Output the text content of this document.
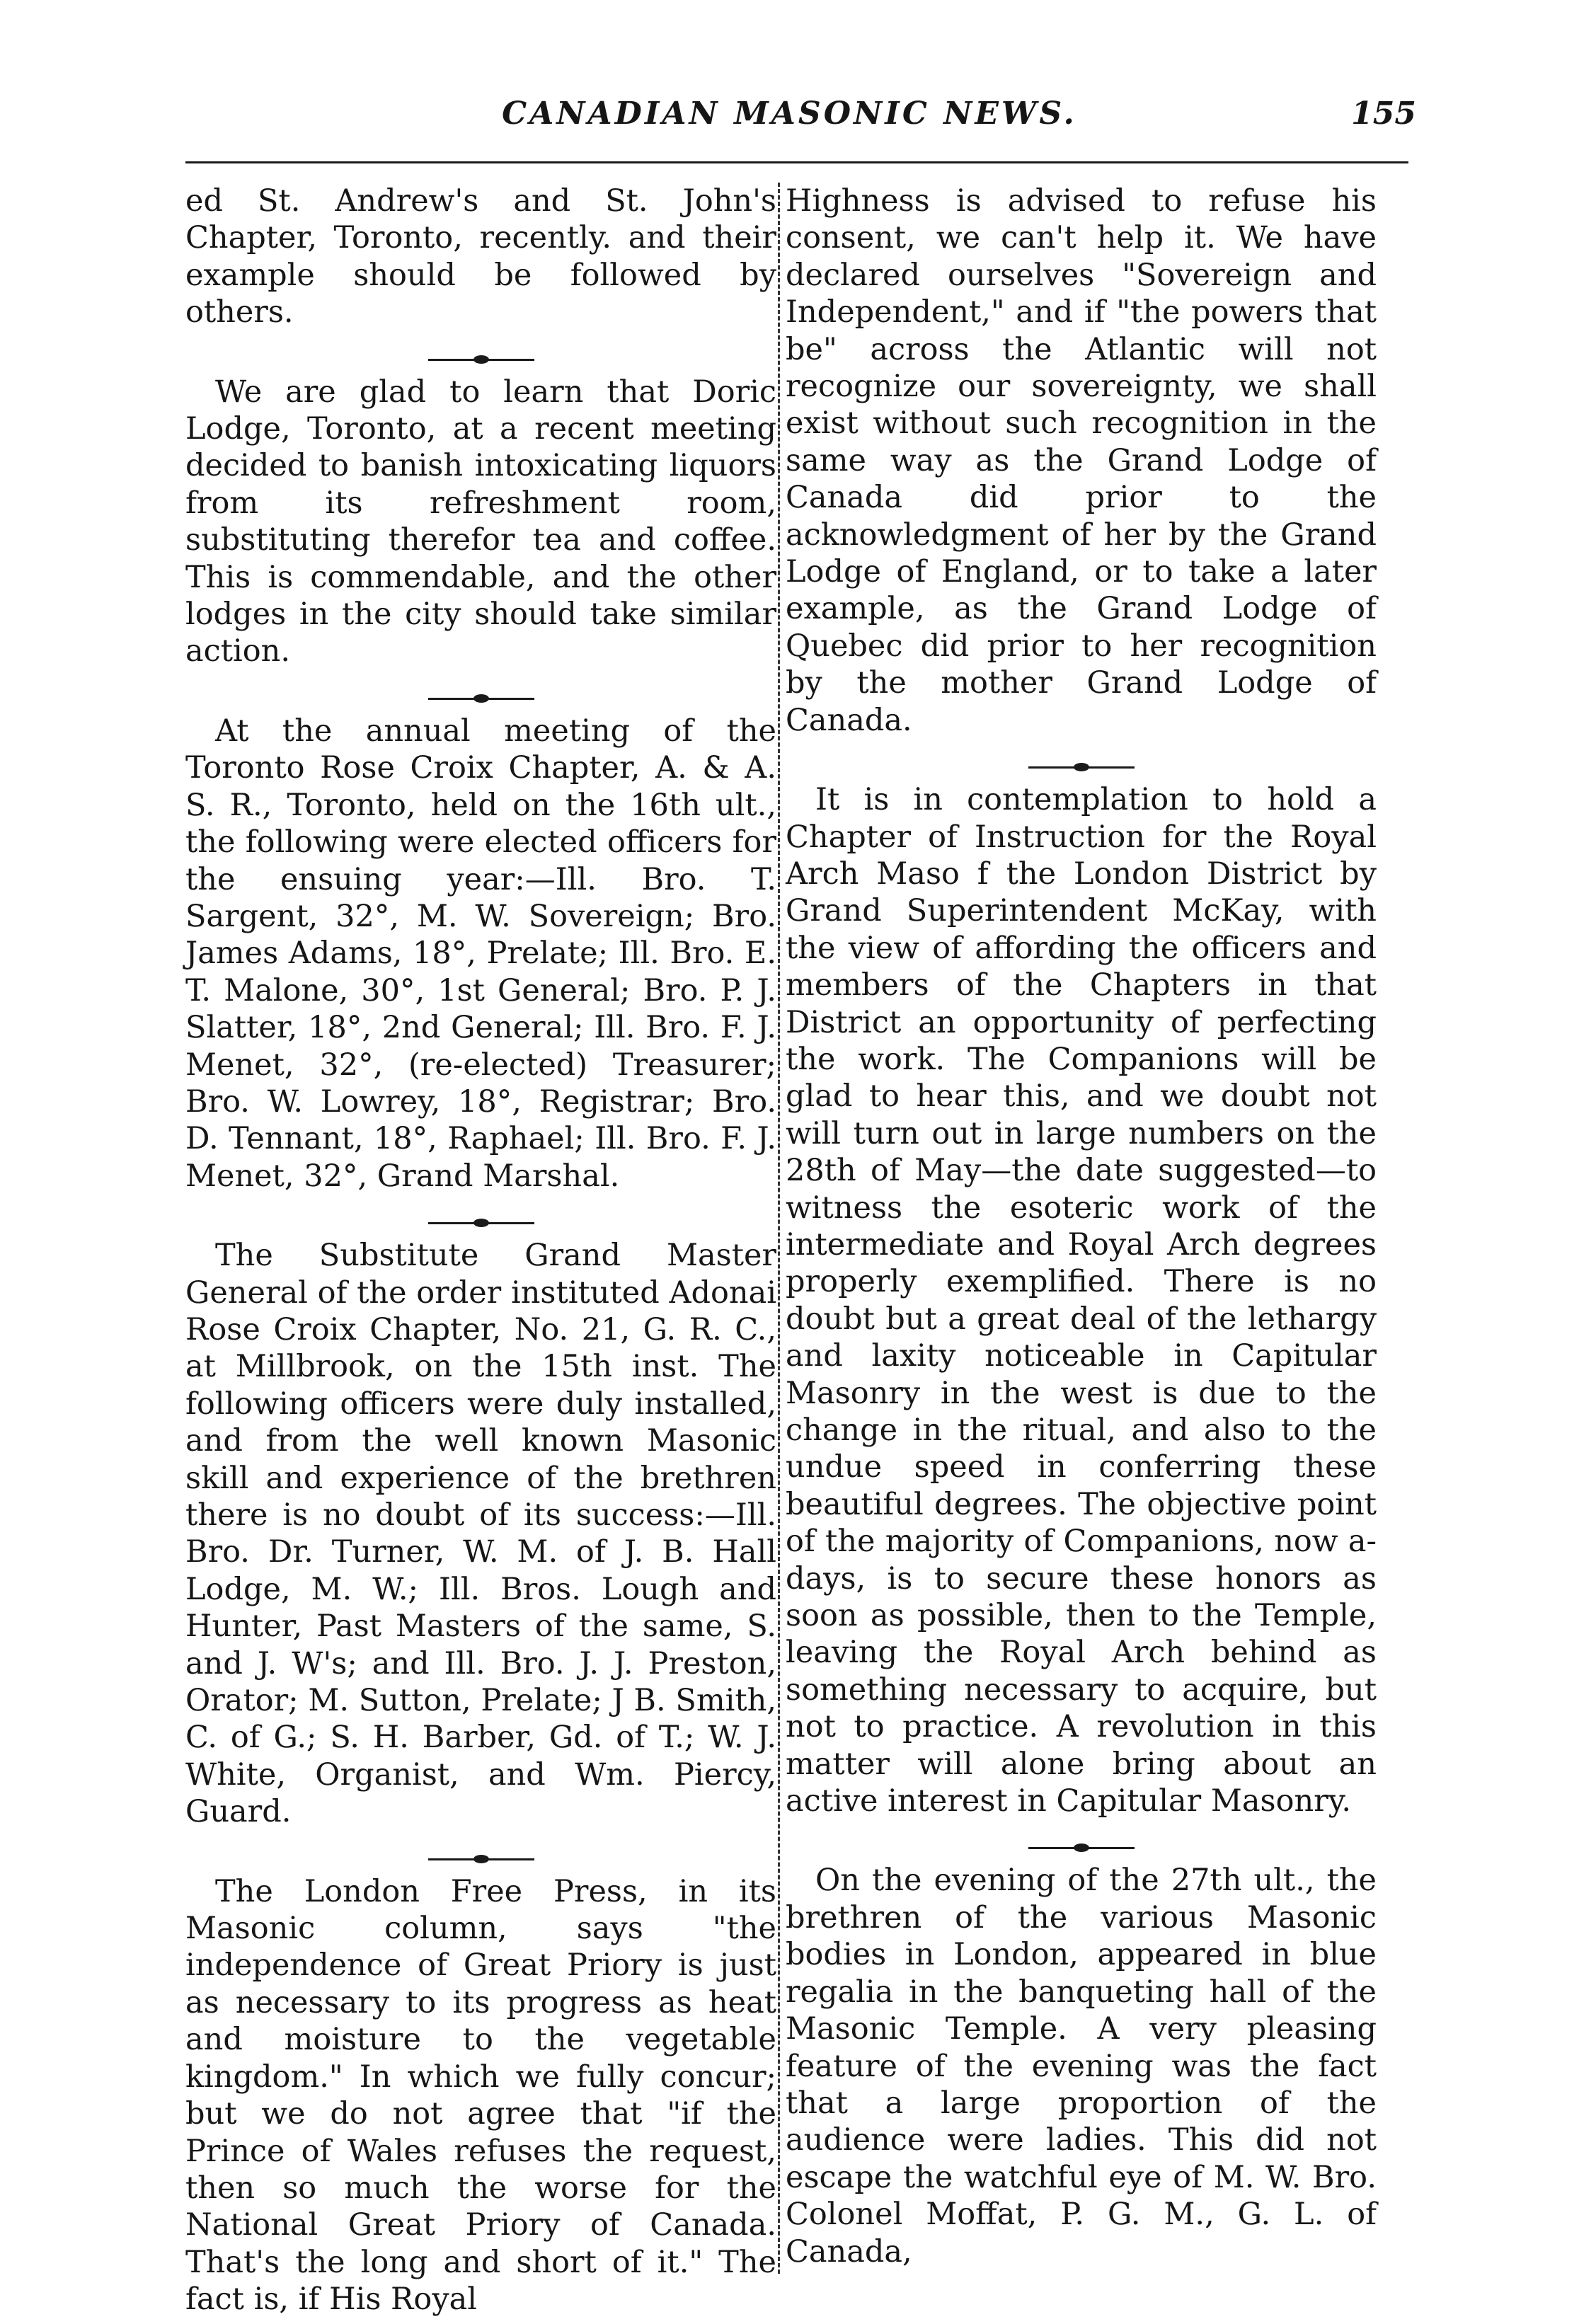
CANADIAN MASONIC NEWS.	155

ed St. Andrew's and St. John's Chapter, Toronto, recently. and their example should be followed by others.

We are glad to learn that Doric Lodge, Toronto, at a recent meeting decided to banish intoxicating liquors from its refreshment room, substituting therefor tea and coffee. This is commendable, and the other lodges in the city should take similar action.

At the annual meeting of the Toronto Rose Croix Chapter, A. & A. S. R., Toronto, held on the 16th ult., the following were elected officers for the ensuing year:—Ill. Bro. T. Sargent, 32°, M. W. Sovereign; Bro. James Adams, 18°, Prelate; Ill. Bro. E. T. Malone, 30°, 1st General; Bro. P. J. Slatter, 18°, 2nd General; Ill. Bro. F. J. Menet, 32°, (re-elected) Treasurer; Bro. W. Lowrey, 18°, Registrar; Bro. D. Tennant, 18°, Raphael; Ill. Bro. F. J. Menet, 32°, Grand Marshal.

The Substitute Grand Master General of the order instituted Adonai Rose Croix Chapter, No. 21, G. R. C., at Millbrook, on the 15th inst. The following officers were duly installed, and from the well known Masonic skill and experience of the brethren there is no doubt of its success:—Ill. Bro. Dr. Turner, W. M. of J. B. Hall Lodge, M. W.; Ill. Bros. Lough and Hunter, Past Masters of the same, S. and J. W's; and Ill. Bro. J. J. Preston, Orator; M. Sutton, Prelate; J B. Smith, C. of G.; S. H. Barber, Gd. of T.; W. J. White, Organist, and Wm. Piercy, Guard.

The London Free Press, in its Masonic column, says "the independence of Great Priory is just as necessary to its progress as heat and moisture to the vegetable kingdom." In which we fully concur; but we do not agree that "if the Prince of Wales refuses the request, then so much the worse for the National Great Priory of Canada. That's the long and short of it." The fact is, if His Royal

Highness is advised to refuse his consent, we can't help it. We have declared ourselves "Sovereign and Independent," and if "the powers that be" across the Atlantic will not recognize our sovereignty, we shall exist without such recognition in the same way as the Grand Lodge of Canada did prior to the acknowledgment of her by the Grand Lodge of England, or to take a later example, as the Grand Lodge of Quebec did prior to her recognition by the mother Grand Lodge of Canada.

It is in contemplation to hold a Chapter of Instruction for the Royal Arch Maso f the London District by Grand Superintendent McKay, with the view of affording the officers and members of the Chapters in that District an opportunity of perfecting the work. The Companions will be glad to hear this, and we doubt not will turn out in large numbers on the 28th of May—the date suggested—to witness the esoteric work of the intermediate and Royal Arch degrees properly exemplified. There is no doubt but a great deal of the lethargy and laxity noticeable in Capitular Masonry in the west is due to the change in the ritual, and also to the undue speed in conferring these beautiful degrees. The objective point of the majority of Companions, now a-days, is to secure these honors as soon as possible, then to the Temple, leaving the Royal Arch behind as something necessary to acquire, but not to practice. A revolution in this matter will alone bring about an active interest in Capitular Masonry.

On the evening of the 27th ult., the brethren of the various Masonic bodies in London, appeared in blue regalia in the banqueting hall of the Masonic Temple. A very pleasing feature of the evening was the fact that a large proportion of the audience were ladies. This did not escape the watchful eye of M. W. Bro. Colonel Moffat, P. G. M., G. L. of Canada,
